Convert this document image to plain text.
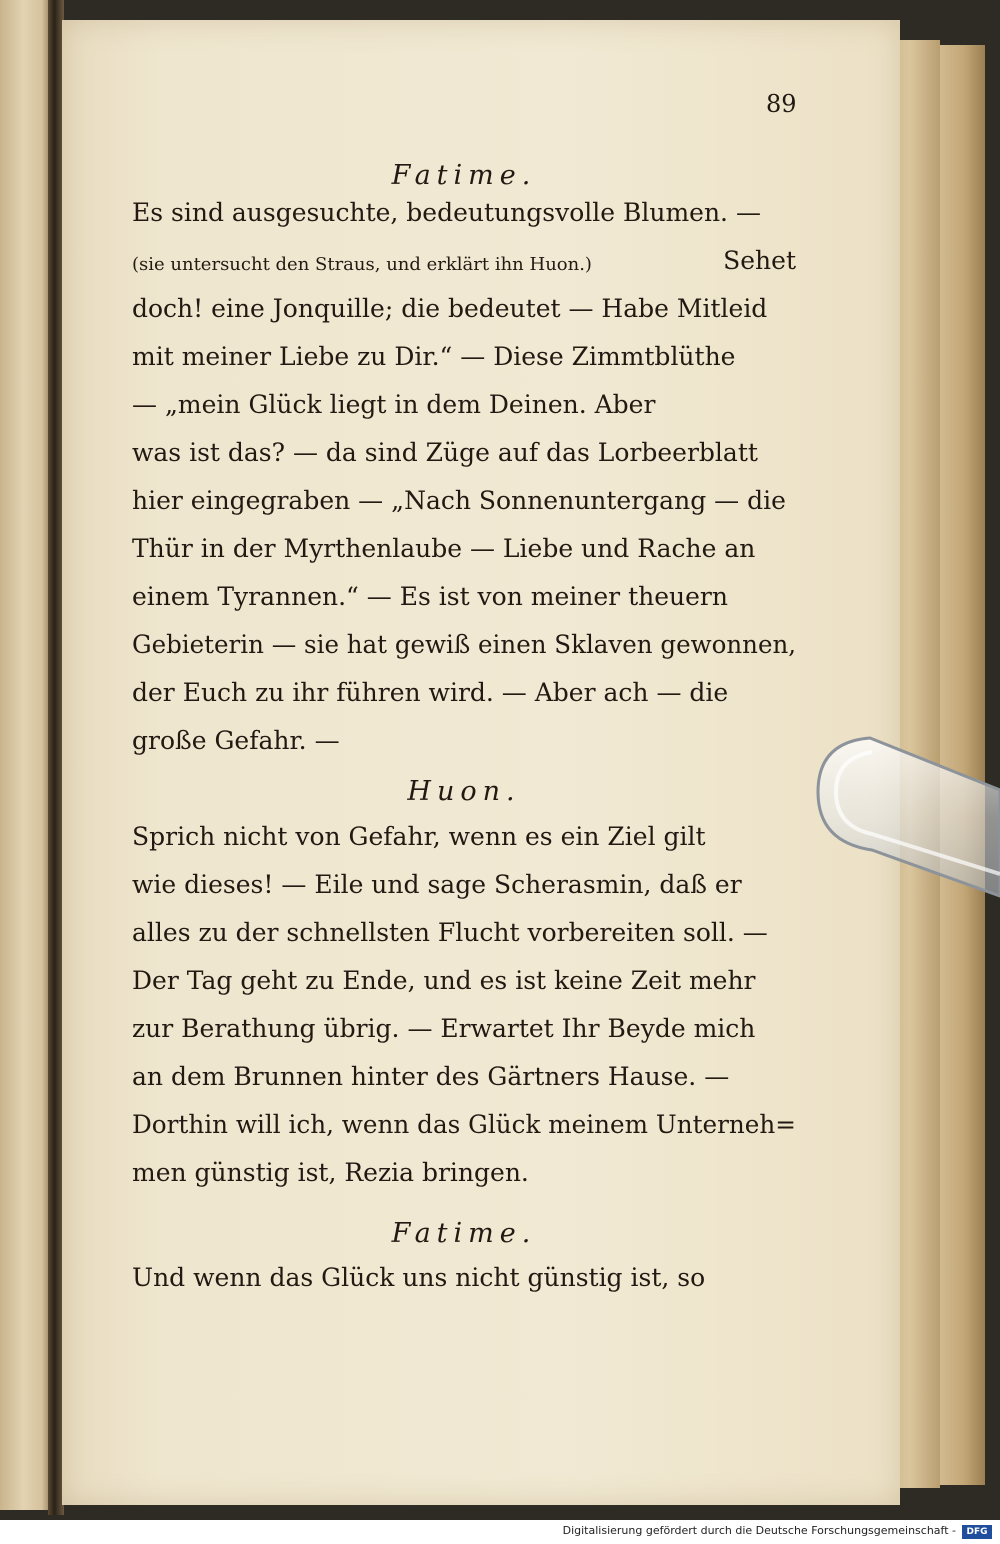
89
Fatime.
Es sind ausgesuchte, bedeutungsvolle Blumen. —
(sie untersucht den Straus, und erklärt ihn Huon.)	Sehet
doch! eine Jonquille; die bedeutet — Habe Mitleid
mit meiner Liebe zu Dir.“ — Diese Zimmtblüthe
— „mein Glück liegt in dem Deinen. Aber
was ist das? — da sind Züge auf das Lorbeerblatt
hier eingegraben — „Nach Sonnenuntergang — die
Thür in der Myrthenlaube — Liebe und Rache an
einem Tyrannen.“ — Es ist von meiner theuern
Gebieterin — sie hat gewiß einen Sklaven gewonnen,
der Euch zu ihr führen wird. — Aber ach — die
große Gefahr. —
Huon.
Sprich nicht von Gefahr, wenn es ein Ziel gilt
wie dieses! — Eile und sage Scherasmin, daß er
alles zu der schnellsten Flucht vorbereiten soll. —
Der Tag geht zu Ende, und es ist keine Zeit mehr
zur Berathung übrig. — Erwartet Ihr Beyde mich
an dem Brunnen hinter des Gärtners Hause. —
Dorthin will ich, wenn das Glück meinem Unterneh=
men günstig ist, Rezia bringen.
Fatime.
Und wenn das Glück uns nicht günstig ist, so
Digitalisierung gefördert durch die Deutsche Forschungsgemeinschaft -	DFG
